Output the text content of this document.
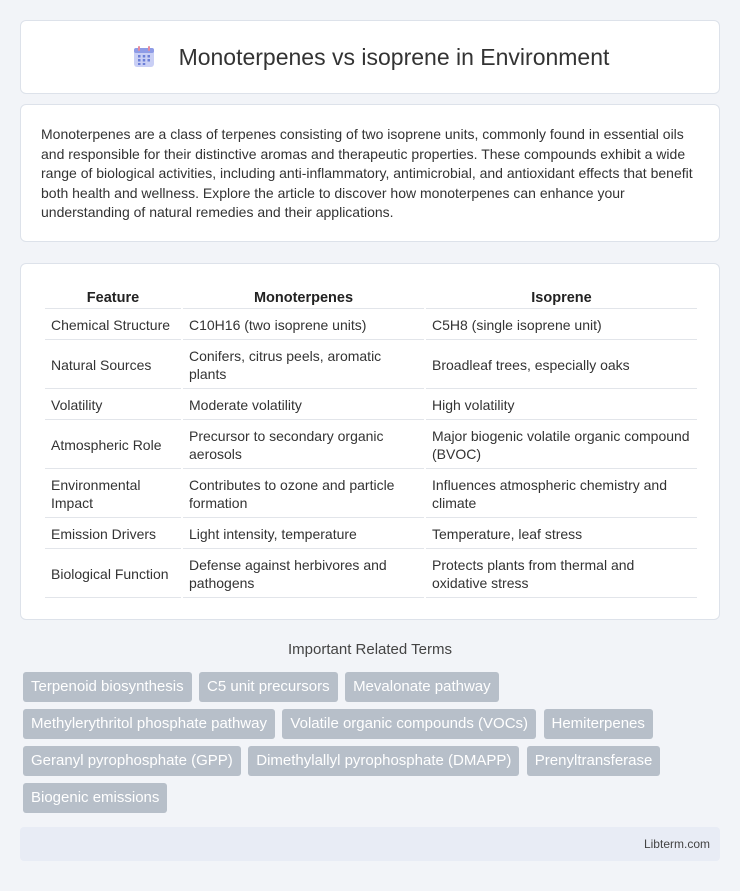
Monoterpenes vs isoprene in Environment

Monoterpenes are a class of terpenes consisting of two isoprene units, commonly found in essential oils and responsible for their distinctive aromas and therapeutic properties. These compounds exhibit a wide range of biological activities, including anti-inflammatory, antimicrobial, and antioxidant effects that benefit both health and wellness. Explore the article to discover how monoterpenes can enhance your understanding of natural remedies and their applications.

Feature	Monoterpenes	Isoprene
Chemical Structure	C10H16 (two isoprene units)	C5H8 (single isoprene unit)
Natural Sources	Conifers, citrus peels, aromatic plants	Broadleaf trees, especially oaks
Volatility	Moderate volatility	High volatility
Atmospheric Role	Precursor to secondary organic aerosols	Major biogenic volatile organic compound (BVOC)
Environmental Impact	Contributes to ozone and particle formation	Influences atmospheric chemistry and climate
Emission Drivers	Light intensity, temperature	Temperature, leaf stress
Biological Function	Defense against herbivores and pathogens	Protects plants from thermal and oxidative stress
Important Related Terms
Terpenoid biosynthesis C5 unit precursors Mevalonate pathway Methylerythritol phosphate pathway Volatile organic compounds (VOCs) Hemiterpenes Geranyl pyrophosphate (GPP) Dimethylallyl pyrophosphate (DMAPP) Prenyltransferase Biogenic emissions
Libterm.com
